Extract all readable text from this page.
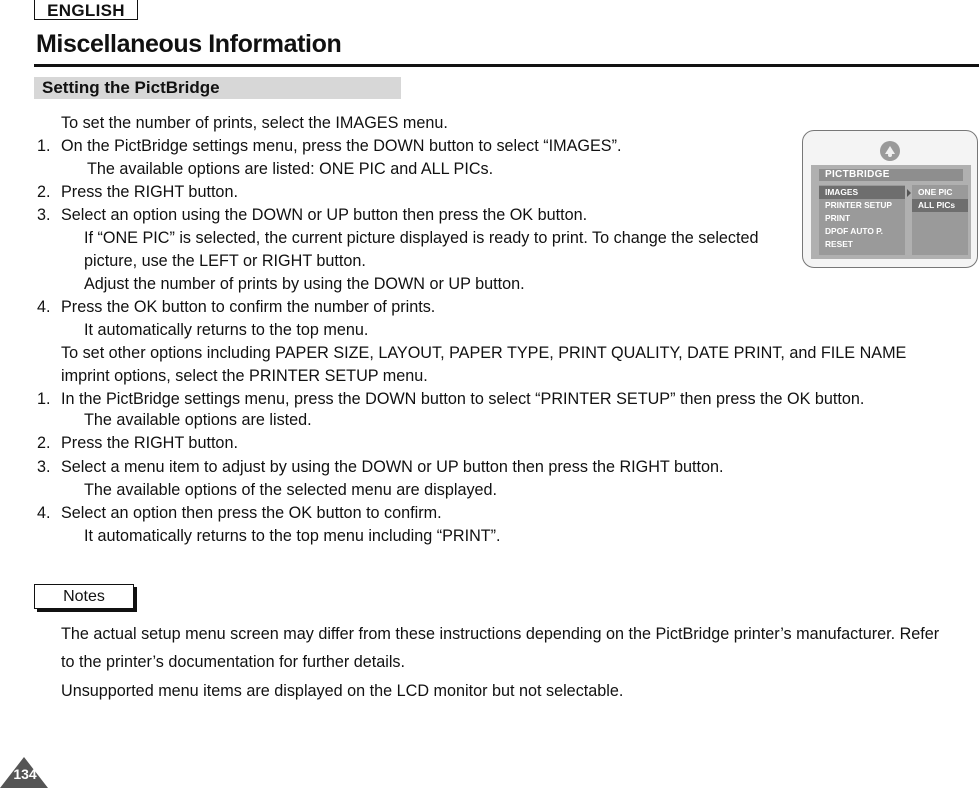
ENGLISH
Miscellaneous Information
Setting the PictBridge
To set the number of prints, select the IMAGES menu.
1. On the PictBridge settings menu, press the DOWN button to select “IMAGES”.
The available options are listed: ONE PIC and ALL PICs.
2. Press the RIGHT button.
3. Select an option using the DOWN or UP button then press the OK button.
If “ONE PIC” is selected, the current picture displayed is ready to print. To change the selected
picture, use the LEFT or RIGHT button.
Adjust the number of prints by using the DOWN or UP button.
4. Press the OK button to confirm the number of prints.
It automatically returns to the top menu.
To set other options including PAPER SIZE, LAYOUT, PAPER TYPE, PRINT QUALITY, DATE PRINT, and FILE NAME
imprint options, select the PRINTER SETUP menu.
1. In the PictBridge settings menu, press the DOWN button to select “PRINTER SETUP” then press the OK button.
The available options are listed.
2. Press the RIGHT button.
3. Select a menu item to adjust by using the DOWN or UP button then press the RIGHT button.
The available options of the selected menu are displayed.
4. Select an option then press the OK button to confirm.
It automatically returns to the top menu including “PRINT”.
PICTBRIDGE
IMAGES
PRINTER SETUP
PRINT
DPOF AUTO P.
RESET
ONE PIC
ALL PICs
Notes
The actual setup menu screen may differ from these instructions depending on the PictBridge printer’s manufacturer. Refer
to the printer’s documentation for further details.
Unsupported menu items are displayed on the LCD monitor but not selectable.
134
